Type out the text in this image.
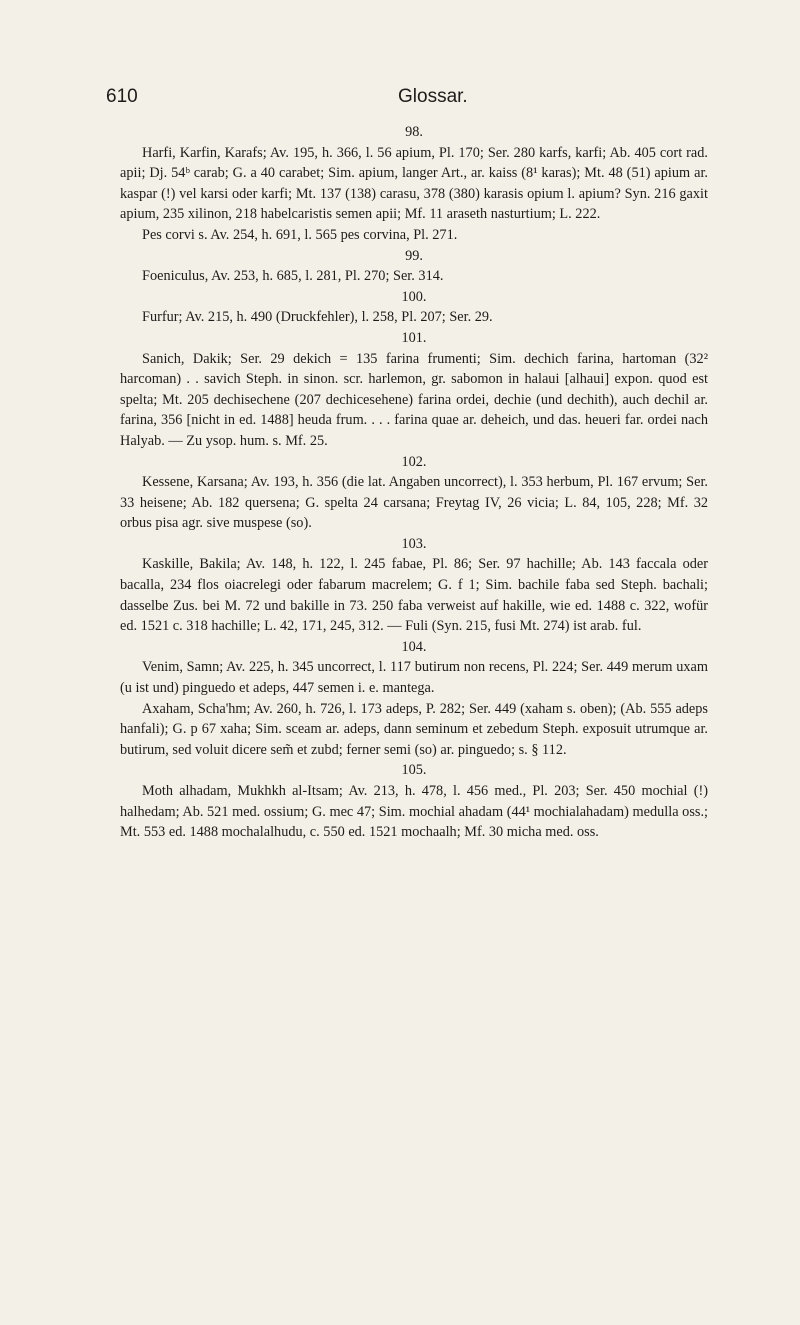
610	Glossar.
98.

Harfi, Karfin, Karafs; Av. 195, h. 366, l. 56 apium, Pl. 170; Ser. 280 karfs, karfi; Ab. 405 cort rad. apii; Dj. 54ᵇ carab; G. a 40 carabet; Sim. apium, langer Art., ar. kaiss (8¹ karas); Mt. 48 (51) apium ar. kaspar (!) vel karsi oder karfi; Mt. 137 (138) carasu, 378 (380) karasis opium l. apium? Syn. 216 gaxit apium, 235 xilinon, 218 habelcaristis semen apii; Mf. 11 araseth nasturtium; L. 222.

Pes corvi s. Av. 254, h. 691, l. 565 pes corvina, Pl. 271.

99.

Foeniculus, Av. 253, h. 685, l. 281, Pl. 270; Ser. 314.

100.

Furfur; Av. 215, h. 490 (Druckfehler), l. 258, Pl. 207; Ser. 29.

101.

Sanich, Dakik; Ser. 29 dekich = 135 farina frumenti; Sim. dechich farina, hartoman (32² harcoman) . . savich Steph. in sinon. scr. harlemon, gr. sabomon in halaui [alhaui] expon. quod est spelta; Mt. 205 dechisechene (207 dechicesehene) farina ordei, dechie (und dechith), auch dechil ar. farina, 356 [nicht in ed. 1488] heuda frum. . . . farina quae ar. deheich, und das. heueri far. ordei nach Halyab. — Zu ysop. hum. s. Mf. 25.

102.

Kessene, Karsana; Av. 193, h. 356 (die lat. Angaben uncorrect), l. 353 herbum, Pl. 167 ervum; Ser. 33 heisene; Ab. 182 quersena; G. spelta 24 carsana; Freytag IV, 26 vicia; L. 84, 105, 228; Mf. 32 orbus pisa agr. sive muspese (so).

103.

Kaskille, Bakila; Av. 148, h. 122, l. 245 fabae, Pl. 86; Ser. 97 hachille; Ab. 143 faccala oder bacalla, 234 flos oiacrelegi oder fabarum macrelem; G. f 1; Sim. bachile faba sed Steph. bachali; dasselbe Zus. bei M. 72 und bakille in 73. 250 faba verweist auf hakille, wie ed. 1488 c. 322, wofür ed. 1521 c. 318 hachille; L. 42, 171, 245, 312. — Fuli (Syn. 215, fusi Mt. 274) ist arab. ful.

104.

Venim, Samn; Av. 225, h. 345 uncorrect, l. 117 butirum non recens, Pl. 224; Ser. 449 merum uxam (u ist und) pinguedo et adeps, 447 semen i. e. mantega.

Axaham, Scha'hm; Av. 260, h. 726, l. 173 adeps, P. 282; Ser. 449 (xaham s. oben); (Ab. 555 adeps hanfali); G. p 67 xaha; Sim. sceam ar. adeps, dann seminum et zebedum Steph. exposuit utrumque ar. butirum, sed voluit dicere sem̃ et zubd; ferner semi (so) ar. pinguedo; s. § 112.

105.

Moth alhadam, Mukhkh al-Itsam; Av. 213, h. 478, l. 456 med., Pl. 203; Ser. 450 mochial (!) halhedam; Ab. 521 med. ossium; G. mec 47; Sim. mochial ahadam (44¹ mochialahadam) medulla oss.; Mt. 553 ed. 1488 mochalalhudu, c. 550 ed. 1521 mochaalh; Mf. 30 micha med. oss.
